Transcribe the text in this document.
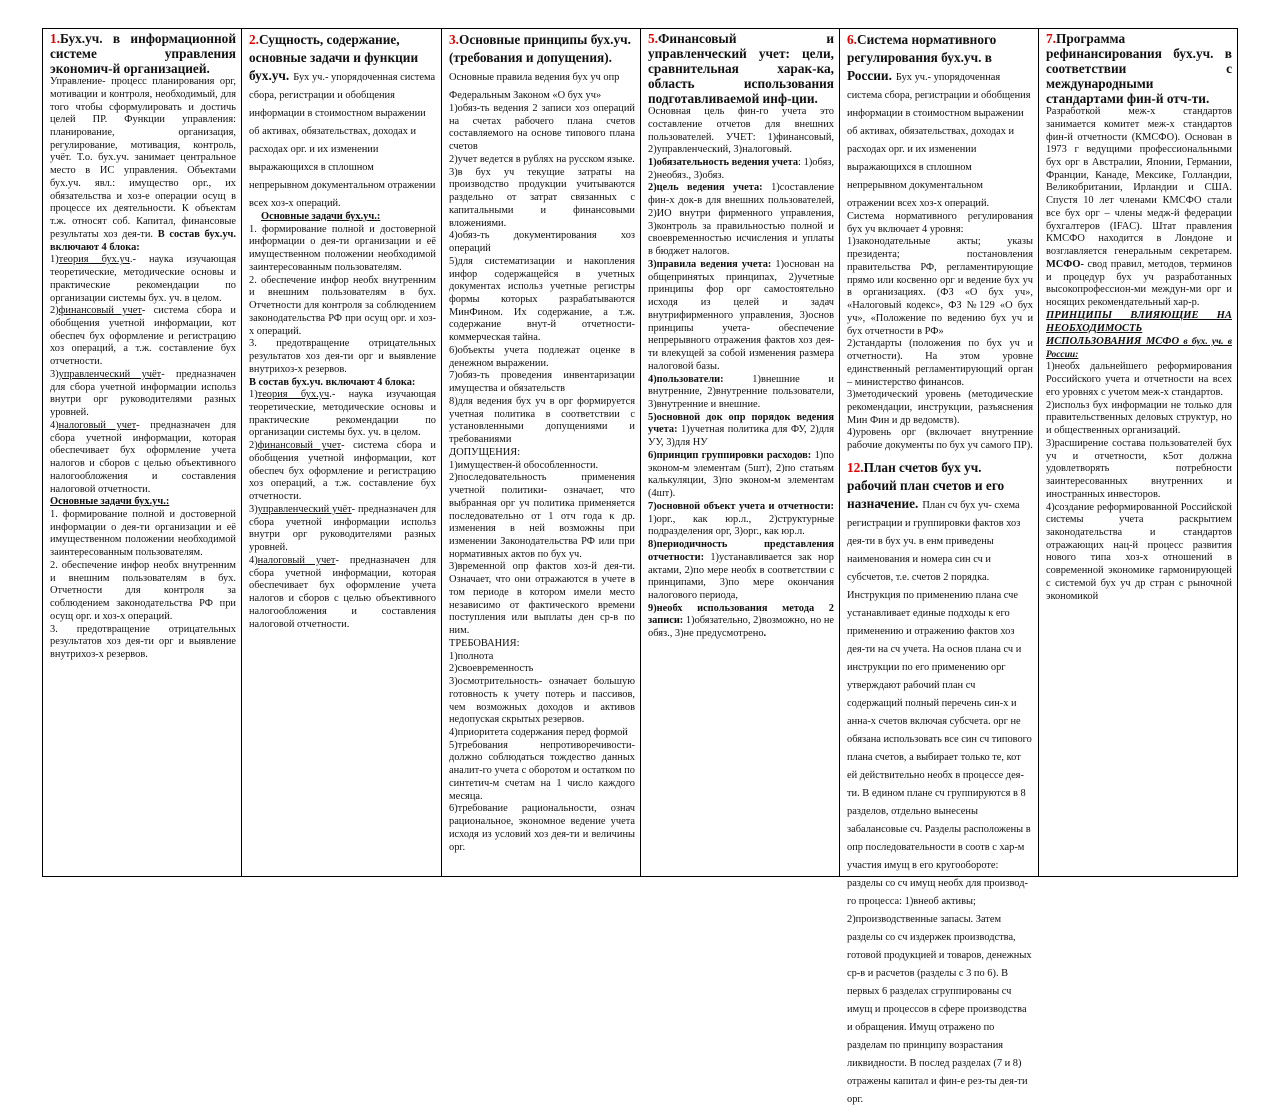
1.Бух.уч. в информационной системе управления экономич-й организацией.

Управление- процесс планирования орг, мотивации и контроля, необходимый, для того чтобы сформулировать и достичь целей ПР. Функции управления: планирование, организация, регулирование, мотивация, контроль, учёт. Т.о. бух.уч. занимает центральное место в ИС управления. Объектами бух.уч. явл.: имущество орг., их обязательства и хоз-е операции осущ в процессе их деятельности. К объектам т.ж. относят соб. Капитал, финансовые результаты хоз дея-ти. В состав бух.уч. включают 4 блока:

1)теория бух.уч.- наука изучающая теоретические, методические основы и практические рекомендации по организации системы бух. уч. в целом.

2)финансовый учет- система сбора и обобщения учетной информации, кот обеспеч бух оформление и регистрацию хоз операций, а т.ж. составление бух отчетности.

3)управленческий учёт- предназначен для сбора учетной информации использ внутри орг руководителями разных уровней.

4)налоговый учет- предназначен для сбора учетной информации, которая обеспечивает бух оформление учета налогов и сборов с целью объективного налогообложения и составления налоговой отчетности.

Основные задачи бух.уч.:

1. формирование полной и достоверной информации о дея-ти организации и её имущественном положении необходимой заинтересованным пользователям.

2. обеспечение инфор необх внутренним и внешним пользователям в бух. Отчетности для контроля за соблюдением законодательства РФ при осущ орг. и хоз-х операций.

3. предотвращение отрицательных результатов хоз дея-ти орг и выявление внутрихоз-х резервов.

2.Сущность, содержание, основные задачи и функции бух.уч.

Бух уч.- упорядоченная система сбора, регистрации и обобщения информации в стоимостном выражении об активах, обязательствах, доходах и расходах орг. и их изменении выражающихся в сплошном непрерывном документальном отражении всех хоз-х операций.

Основные задачи бух.уч.:

1. формирование полной и достоверной информации о дея-ти организации и её имущественном положении необходимой заинтересованным пользователям.

2. обеспечение инфор необх внутренним и внешним пользователям в бух. Отчетности для контроля за соблюдением законодательства РФ при осущ орг. и хоз-х операций.

3. предотвращение отрицательных результатов хоз дея-ти орг и выявление внутрихоз-х резервов.

В состав бух.уч. включают 4 блока:

1)теория бух.уч.- наука изучающая теоретические, методические основы и практические рекомендации по организации системы бух. уч. в целом.

2)финансовый учет- система сбора и обобщения учетной информации, кот обеспеч бух оформление и регистрацию хоз операций, а т.ж. составление бух отчетности.

3)управленческий учёт- предназначен для сбора учетной информации использ внутри орг руководителями разных уровней.

4)налоговый учет- предназначен для сбора учетной информации, которая обеспечивает бух оформление учета налогов и сборов с целью объективного налогообложения и составления налоговой отчетности.

3.Основные принципы бух.уч. (требования и допущения).

Основные правила ведения бух уч опр Федеральным Законом «О бух уч»

1)обяз-ть ведения 2 записи хоз операций на счетах рабочего плана счетов составляемого на основе типового плана счетов

2)учет ведется в рублях на русском языке.

3)в бух уч текущие затраты на производство продукции учитываются раздельно от затрат связанных с капитальными и финансовыми вложениями.

4)обяз-ть документирования хоз операций

5)для систематизации и накопления инфор содержащейся в учетных документах использ учетные регистры формы которых разрабатываются МинФином. Их содержание, а т.ж. содержание внут-й отчетности-коммерческая тайна.

6)объекты учета подлежат оценке в денежном выражении.

7)обяз-ть проведения инвентаризации имущества и обязательств

8)для ведения бух уч в орг формируется учетная политика в соответствии с установленными допущениями и требованиями

ДОПУЩЕНИЯ:

1)имуществен-й обособленности.

2)последовательность применения учетной политики- означает, что выбранная орг уч политика применяется последовательно от 1 отч года к др. изменения в ней возможны при изменении Законодательства РФ или при нормативных актов по бух уч.

3)временной опр фактов хоз-й дея-ти. Означает, что они отражаются в учете в том периоде в котором имели место независимо от фактического времени поступления или выплаты ден ср-в по ним.

ТРЕБОВАНИЯ:

1)полнота

2)своевременность

3)осмотрительность- означает большую готовность к учету потерь и пассивов, чем возможных доходов и активов недопуская скрытых резервов.

4)приоритета содержания перед формой

5)требования непротиворечивости-должно соблюдаться тождество данных аналит-го учета с оборотом и остатком по синтетич-м счетам на 1 число каждого месяца.

6)требование рациональности, означ рациональное, экономное ведение учета исходя из условий хоз дея-ти и величины орг.

5.Финансовый и управленческий учет: цели, сравнительная харак-ка, область использования подготавливаемой инф-ции.

Основная цель фин-го учета это составление отчетов для внешних пользователей. УЧЕТ: 1)финансовый, 2)управленческий, 3)налоговый.

1)обязательность ведения учета: 1)обяз, 2)необяз., 3)обяз.

2)цель ведения учета: 1)составление фин-х док-в для внешних пользователей, 2)ИО внутри фирменного управления, 3)контроль за правильностью полной и своевременностью исчисления и уплаты в бюджет налогов.

3)правила ведения учета: 1)основан на общепринятых принципах, 2)учетные принципы фор орг самостоятельно исходя из целей и задач внутрифирменного управления, 3)основ принципы учета- обеспечение непрерывного отражения фактов хоз дея-ти влекущей за собой изменения размера налоговой базы.

4)пользователи: 1)внешние и внутренние, 2)внутренние пользователи, 3)внутренние и внешние.

5)основной док опр порядок ведения учета: 1)учетная политика для ФУ, 2)для УУ, 3)для НУ

6)принцип группировки расходов: 1)по эконом-м элементам (5шт), 2)по статьям калькуляции, 3)по эконом-м элементам (4шт).

7)основной объект учета и отчетности: 1)орг., как юр.л., 2)структурные подразделения орг, 3)орг., как юр.л.

8)периодичность представления отчетности: 1)устанавливается зак нор актами, 2)по мере необх в соответствии с принципами, 3)по мере окончания налогового периода,

9)необх использования метода 2 записи: 1)обязательно, 2)возможно, но не обяз., 3)не предусмотрено.

6.Система нормативного регулирования бух.уч. в России.

Бух уч.- упорядоченная система сбора, регистрации и обобщения информации в стоимостном выражении об активах, обязательствах, доходах и расходах орг. и их изменении выражающихся в сплошном непрерывном документальном отражении всех хоз-х операций.

Система нормативного регулирования бух уч включает 4 уровня:

1)законодательные акты; указы президента; постановления правительства РФ, регламентирующие прямо или косвенно орг и ведение бух уч в организациях. (ФЗ «О бух уч», «Налоговый кодекс», ФЗ №129 «О бух уч», «Положение по ведению бух уч и бух отчетности в РФ»

2)стандарты (положения по бух уч и отчетности). На этом уровне единственный регламентирующий орган – министерство финансов.

3)методический уровень (методические рекомендации, инструкции, разъяснения Мин Фин и др ведомств).

4)уровень орг (включает внутренние рабочие документы по бух уч самого ПР).

12.План счетов бух уч. рабочий план счетов и его назначение.

План сч бух уч- схема регистрации и группировки фактов хоз дея-ти в бух уч. в енм приведены наименования и номера син сч и субсчетов, т.е. счетов 2 порядка. Инструкция по применению плана сче устанавливает единые подходы к его применению и отражению фактов хоз дея-ти на сч учета. На основ плана сч и инструкции по его применению орг утверждают рабочий план сч содержащий полный перечень син-х и анна-х счетов включая субсчета. орг не обязана использовать все син сч типового плана счетов, а выбирает только те, кот ей действительно необх в процессе дея-ти. В едином плане сч группируются в 8 разделов, отдельно вынесены забалансовые сч. Разделы расположены в опр последовательности в соотв с хар-м участия имущ в его кругообороте: разделы со сч имущ необх для производ-го процесса: 1)внеоб активы; 2)производственные запасы. Затем разделы со сч издержек производства, готовой продукцией и товаров, денежных ср-в и расчетов (разделы с 3 по 6). В первых 6 разделах сгруппированы сч имущ и процессов в сфере производства и обращения. Имущ отражено по разделам по принципу возрастания ликвидности. В послед разделах (7 и 8) отражены капитал и фин-е рез-ты дея-ти орг.

7.Программа рефинансирования бух.уч. в соответствии с международными стандартами фин-й отч-ти.

Разработкой меж-х стандартов занимается комитет меж-х стандартов фин-й отчетности (КМСФО). Основан в 1973 г ведущими профессиональными бух орг в Австралии, Японии, Германии, Франции, Канаде, Мексике, Голландии, Великобритании, Ирландии и США. Спустя 10 лет членами КМСФО стали все бух орг – члены медж-й федерации бухгалтеров (IFAC). Штат правления КМСФО находится в Лондоне и возглавляется генеральным секретарем. МСФО- свод правил, методов, терминов и процедур бух уч разработанных высокопрофессион-ми междун-ми орг и носящих рекомендательный хар-р.

ПРИНЦИПЫ ВЛИЯЮЩИЕ НА НЕОБХОДИМОСТЬ ИСПОЛЬЗОВАНИЯ МСФО в бух. уч. в России:

1)необх дальнейшего реформирования Российского учета и отчетности на всех его уровнях с учетом меж-х стандартов.

2)использ бух информации не только для правительственных деловых структур, но и общественных организаций.

3)расширение состава пользователей бух уч и отчетности, к5от должна удовлетворять потребности заинтересованных внутренних и иностранных инвесторов.

4)создание реформированной Российской системы учета раскрытием законодательства и стандартов отражающих нац-й процесс развития нового типа хоз-х отношений в современной экономике гармонирующей с системой бух уч др стран с рыночной экономикой
